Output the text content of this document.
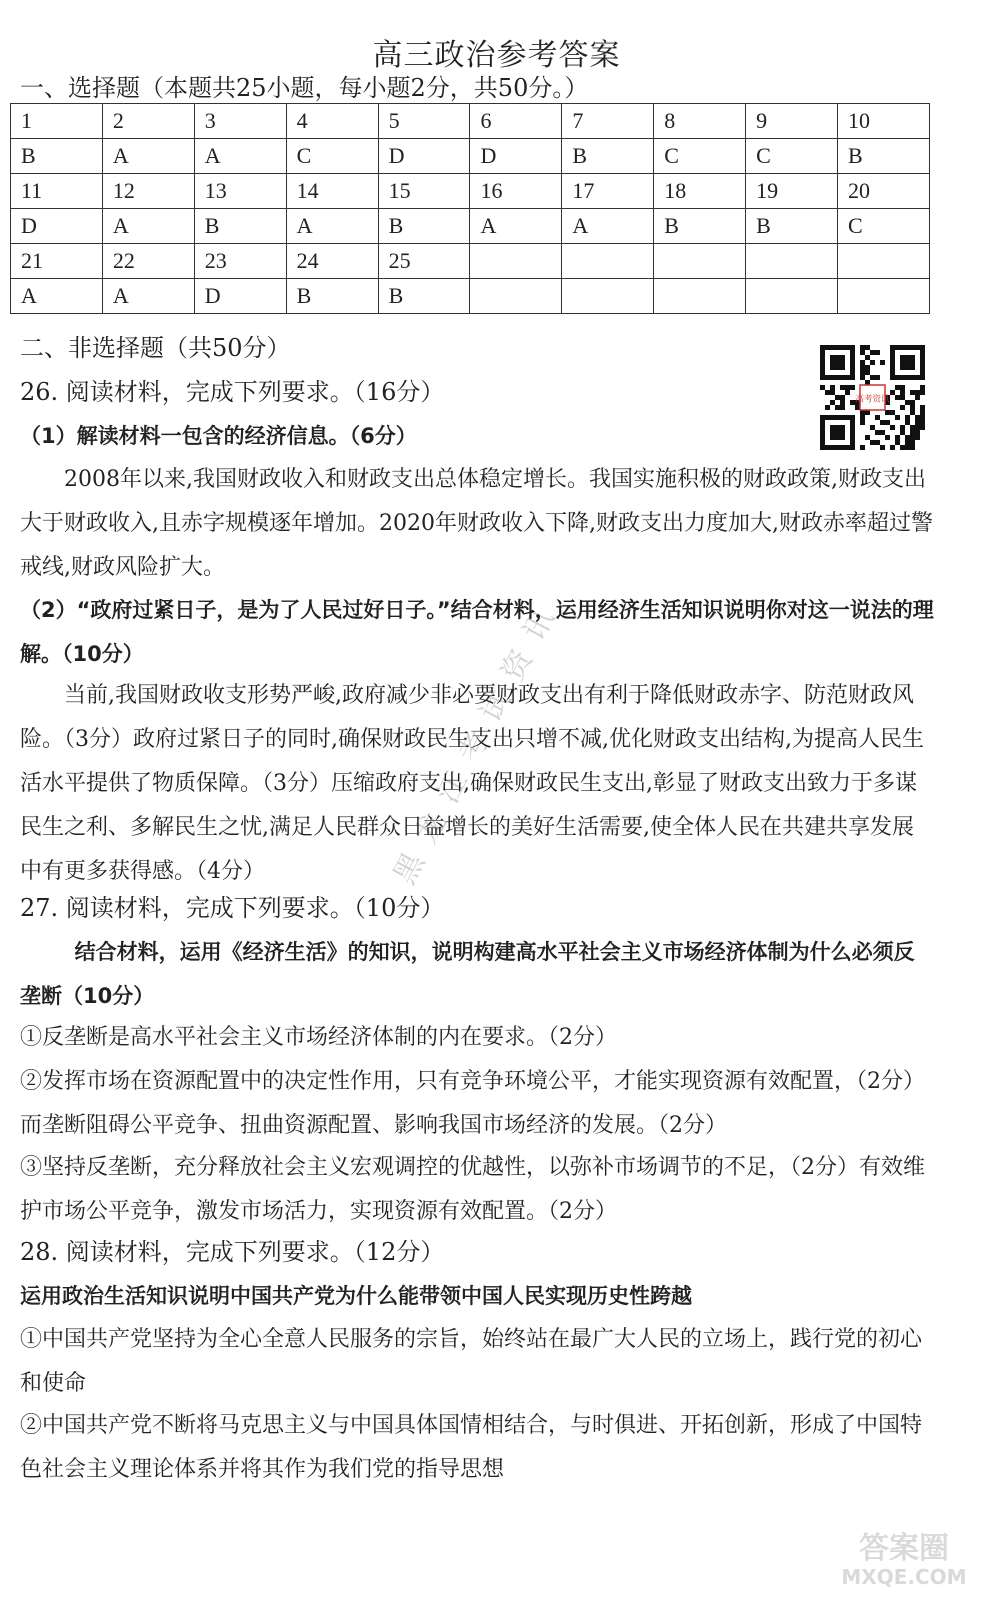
高三政治参考答案
一、选择题（本题共25小题，每小题2分，共50分。）
1	2	3	4	5	6	7	8	9	10
B	A	A	C	D	D	B	C	C	B
11	12	13	14	15	16	17	18	19	20
D	A	B	A	B	A	A	B	B	C
21	22	23	24	25					
A	A	D	B	B					
二、非选择题（共50分）
高考资讯
26. 阅读材料，完成下列要求。（16分）
（1）解读材料一包含的经济信息。（6分）
2008年以来,我国财政收入和财政支出总体稳定增长。我国实施积极的财政政策,财政支出大于财政收入,且赤字规模逐年增加。2020年财政收入下降,财政支出力度加大,财政赤率超过警戒线,财政风险扩大。
（2）“政府过紧日子，是为了人民过好日子。”结合材料，运用经济生活知识说明你对这一说法的理解。（10分）
当前,我国财政收支形势严峻,政府减少非必要财政支出有利于降低财政赤字、防范财政风险。（3分）政府过紧日子的同时,确保财政民生支出只增不减,优化财政支出结构,为提高人民生活水平提供了物质保障。（3分）压缩政府支出,确保财政民生支出,彰显了财政支出致力于多谋民生之利、多解民生之忧,满足人民群众日益增长的美好生活需要,使全体人民在共建共享发展中有更多获得感。（4分）
27. 阅读材料，完成下列要求。（10分）
结合材料，运用《经济生活》的知识，说明构建高水平社会主义市场经济体制为什么必须反垄断（10分）
①反垄断是高水平社会主义市场经济体制的内在要求。（2分）
②发挥市场在资源配置中的决定性作用，只有竞争环境公平，才能实现资源有效配置，（2分）而垄断阻碍公平竞争、扭曲资源配置、影响我国市场经济的发展。（2分）
③坚持反垄断，充分释放社会主义宏观调控的优越性，以弥补市场调节的不足，（2分）有效维护市场公平竞争，激发市场活力，实现资源有效配置。（2分）
28. 阅读材料，完成下列要求。（12分）
运用政治生活知识说明中国共产党为什么能带领中国人民实现历史性跨越
①中国共产党坚持为全心全意人民服务的宗旨，始终站在最广大人民的立场上，践行党的初心和使命
②中国共产党不断将马克思主义与中国具体国情相结合，与时俱进、开拓创新，形成了中国特色社会主义理论体系并将其作为我们党的指导思想
黑龙江考试资讯
答案圈
MXQE.COM
